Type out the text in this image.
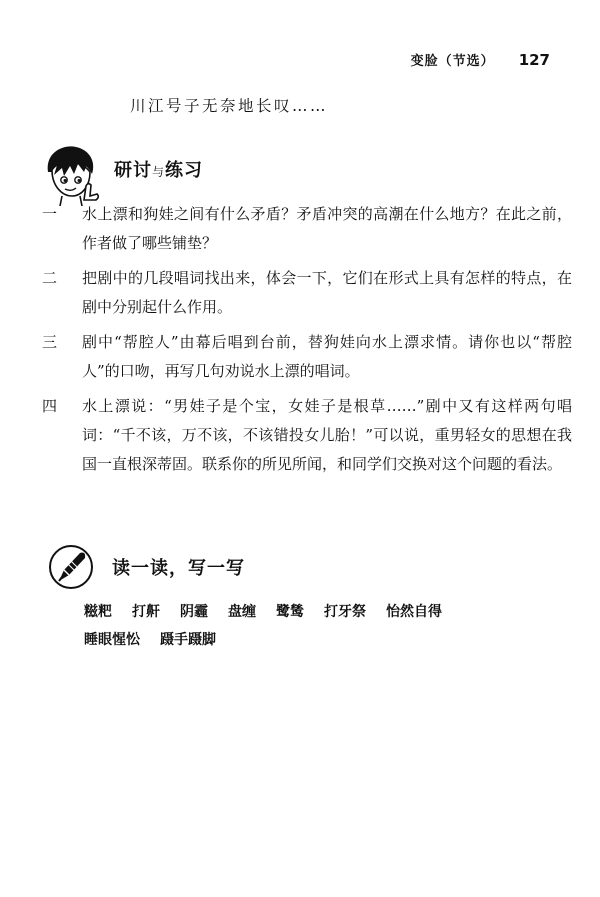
变脸（节选） 127
川江号子无奈地长叹……
研讨与练习
一	水上漂和狗娃之间有什么矛盾？矛盾冲突的高潮在什么地方？在此之前，作者做了哪些铺垫？
二	把剧中的几段唱词找出来，体会一下，它们在形式上具有怎样的特点，在剧中分别起什么作用。
三	剧中“帮腔人”由幕后唱到台前，替狗娃向水上漂求情。请你也以“帮腔人”的口吻，再写几句劝说水上漂的唱词。
四	水上漂说：“男娃子是个宝，女娃子是根草……”剧中又有这样两句唱词：“千不该，万不该，不该错投女儿胎！”可以说，重男轻女的思想在我国一直根深蒂固。联系你的所见所闻，和同学们交换对这个问题的看法。
读一读，写一写
糍粑 打鼾 阴霾 盘缠 鹭鸶 打牙祭 怡然自得
睡眼惺忪 蹑手蹑脚
